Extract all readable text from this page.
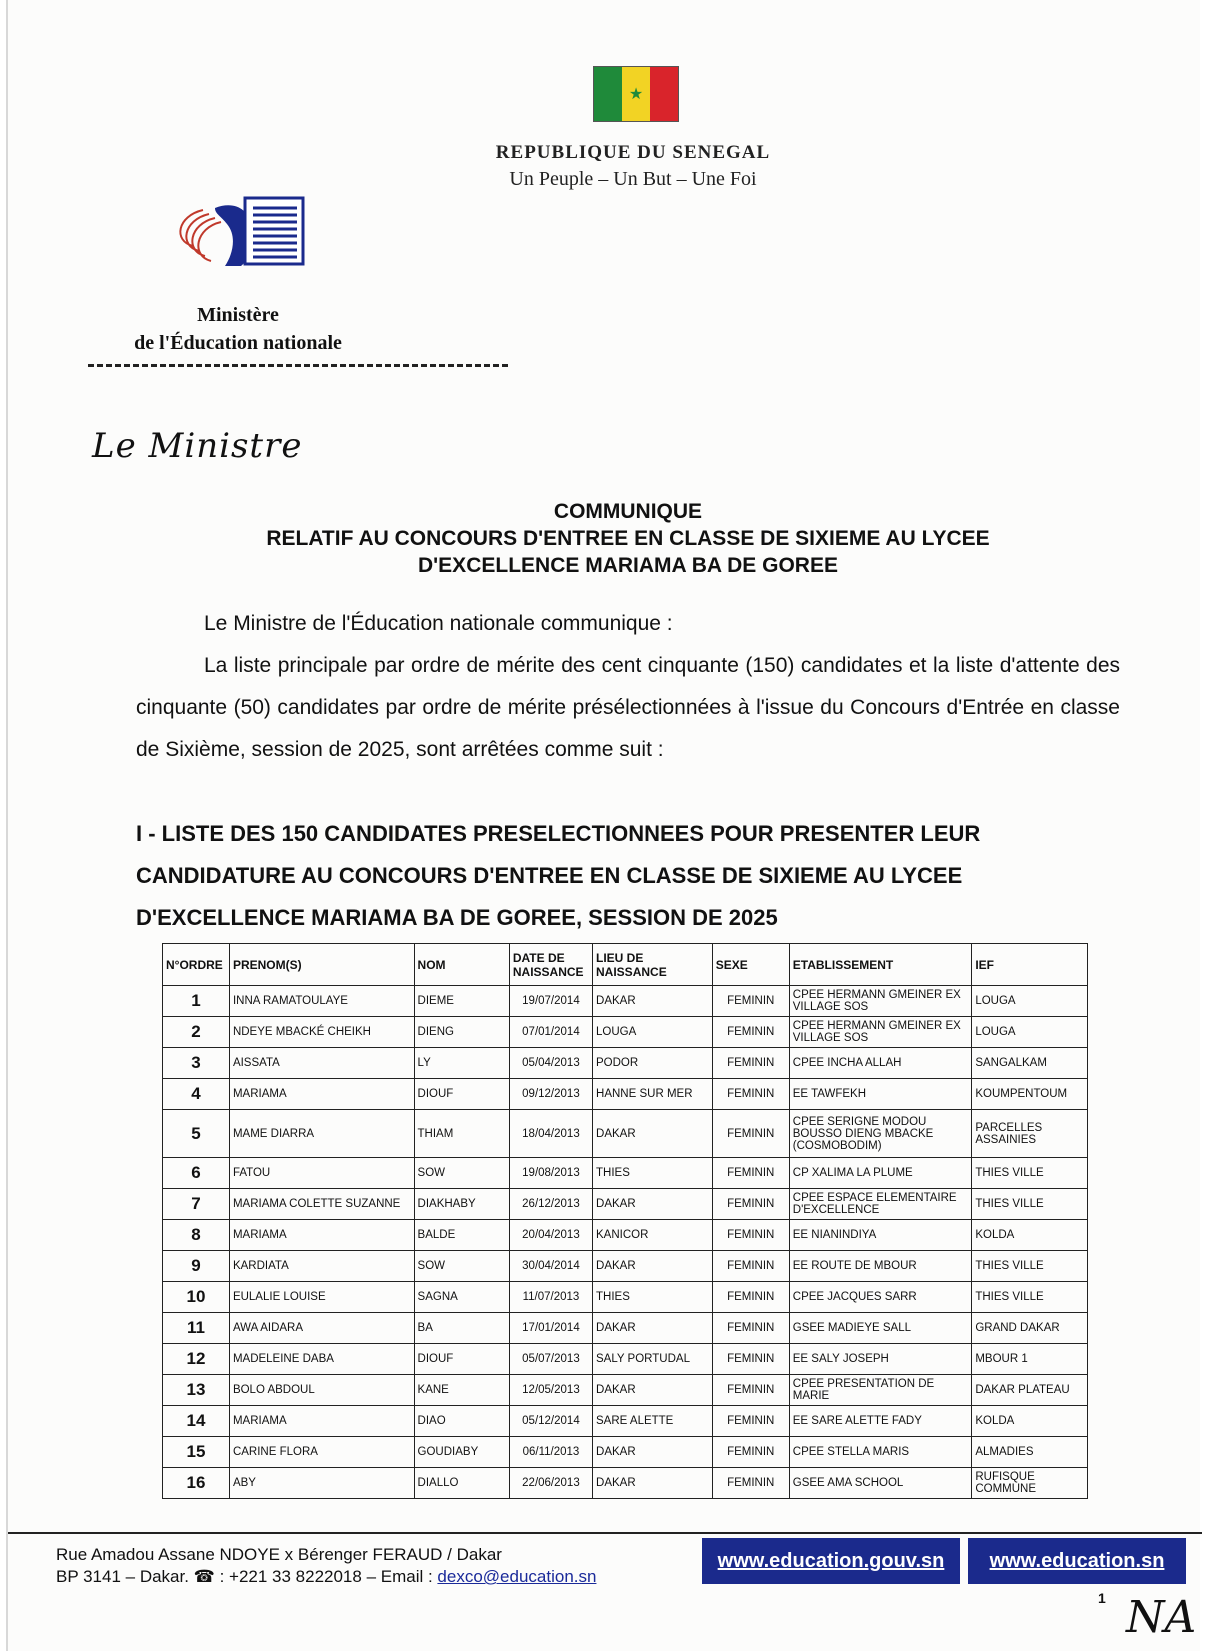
★
REPUBLIQUE DU SENEGAL
Un Peuple – Un But – Une Foi
Ministère
de l'Éducation nationale
Le Ministre
COMMUNIQUE
RELATIF AU CONCOURS D'ENTREE EN CLASSE DE SIXIEME AU LYCEE
D'EXCELLENCE MARIAMA BA DE GOREE
Le Ministre de l'Éducation nationale communique :
La liste principale par ordre de mérite des cent cinquante (150) candidates et la liste d'attente des cinquante (50) candidates par ordre de mérite présélectionnées à l'issue du Concours d'Entrée en classe de Sixième, session de 2025, sont arrêtées comme suit :
I - LISTE DES 150 CANDIDATES PRESELECTIONNEES POUR PRESENTER LEUR CANDIDATURE AU CONCOURS D'ENTREE EN CLASSE DE SIXIEME AU LYCEE D'EXCELLENCE MARIAMA BA DE GOREE, SESSION DE 2025
N°ORDRE	PRENOM(S)	NOM	DATE DE NAISSANCE	LIEU DE NAISSANCE	SEXE	ETABLISSEMENT	IEF
1	INNA RAMATOULAYE	DIEME	19/07/2014	DAKAR	FEMININ	CPEE HERMANN GMEINER EX VILLAGE SOS	LOUGA
2	NDEYE MBACKÉ CHEIKH	DIENG	07/01/2014	LOUGA	FEMININ	CPEE HERMANN GMEINER EX VILLAGE SOS	LOUGA
3	AISSATA	LY	05/04/2013	PODOR	FEMININ	CPEE INCHA ALLAH	SANGALKAM
4	MARIAMA	DIOUF	09/12/2013	HANNE SUR MER	FEMININ	EE TAWFEKH	KOUMPENTOUM
5	MAME DIARRA	THIAM	18/04/2013	DAKAR	FEMININ	CPEE SERIGNE MODOU BOUSSO DIENG MBACKE (COSMOBODIM)	PARCELLES ASSAINIES
6	FATOU	SOW	19/08/2013	THIES	FEMININ	CP XALIMA LA PLUME	THIES VILLE
7	MARIAMA COLETTE SUZANNE	DIAKHABY	26/12/2013	DAKAR	FEMININ	CPEE ESPACE ELEMENTAIRE D'EXCELLENCE	THIES VILLE
8	MARIAMA	BALDE	20/04/2013	KANICOR	FEMININ	EE NIANINDIYA	KOLDA
9	KARDIATA	SOW	30/04/2014	DAKAR	FEMININ	EE ROUTE DE MBOUR	THIES VILLE
10	EULALIE LOUISE	SAGNA	11/07/2013	THIES	FEMININ	CPEE JACQUES SARR	THIES VILLE
11	AWA AIDARA	BA	17/01/2014	DAKAR	FEMININ	GSEE MADIEYE SALL	GRAND DAKAR
12	MADELEINE DABA	DIOUF	05/07/2013	SALY PORTUDAL	FEMININ	EE SALY JOSEPH	MBOUR 1
13	BOLO ABDOUL	KANE	12/05/2013	DAKAR	FEMININ	CPEE PRESENTATION DE MARIE	DAKAR PLATEAU
14	MARIAMA	DIAO	05/12/2014	SARE ALETTE	FEMININ	EE SARE ALETTE FADY	KOLDA
15	CARINE FLORA	GOUDIABY	06/11/2013	DAKAR	FEMININ	CPEE STELLA MARIS	ALMADIES
16	ABY	DIALLO	22/06/2013	DAKAR	FEMININ	GSEE AMA SCHOOL	RUFISQUE COMMUNE
Rue Amadou Assane NDOYE x Bérenger FERAUD / Dakar
BP 3141 – Dakar. ☎ : +221 33 8222018 – Email : dexco@education.sn
www.education.gouv.sn www.education.sn
1 NA
